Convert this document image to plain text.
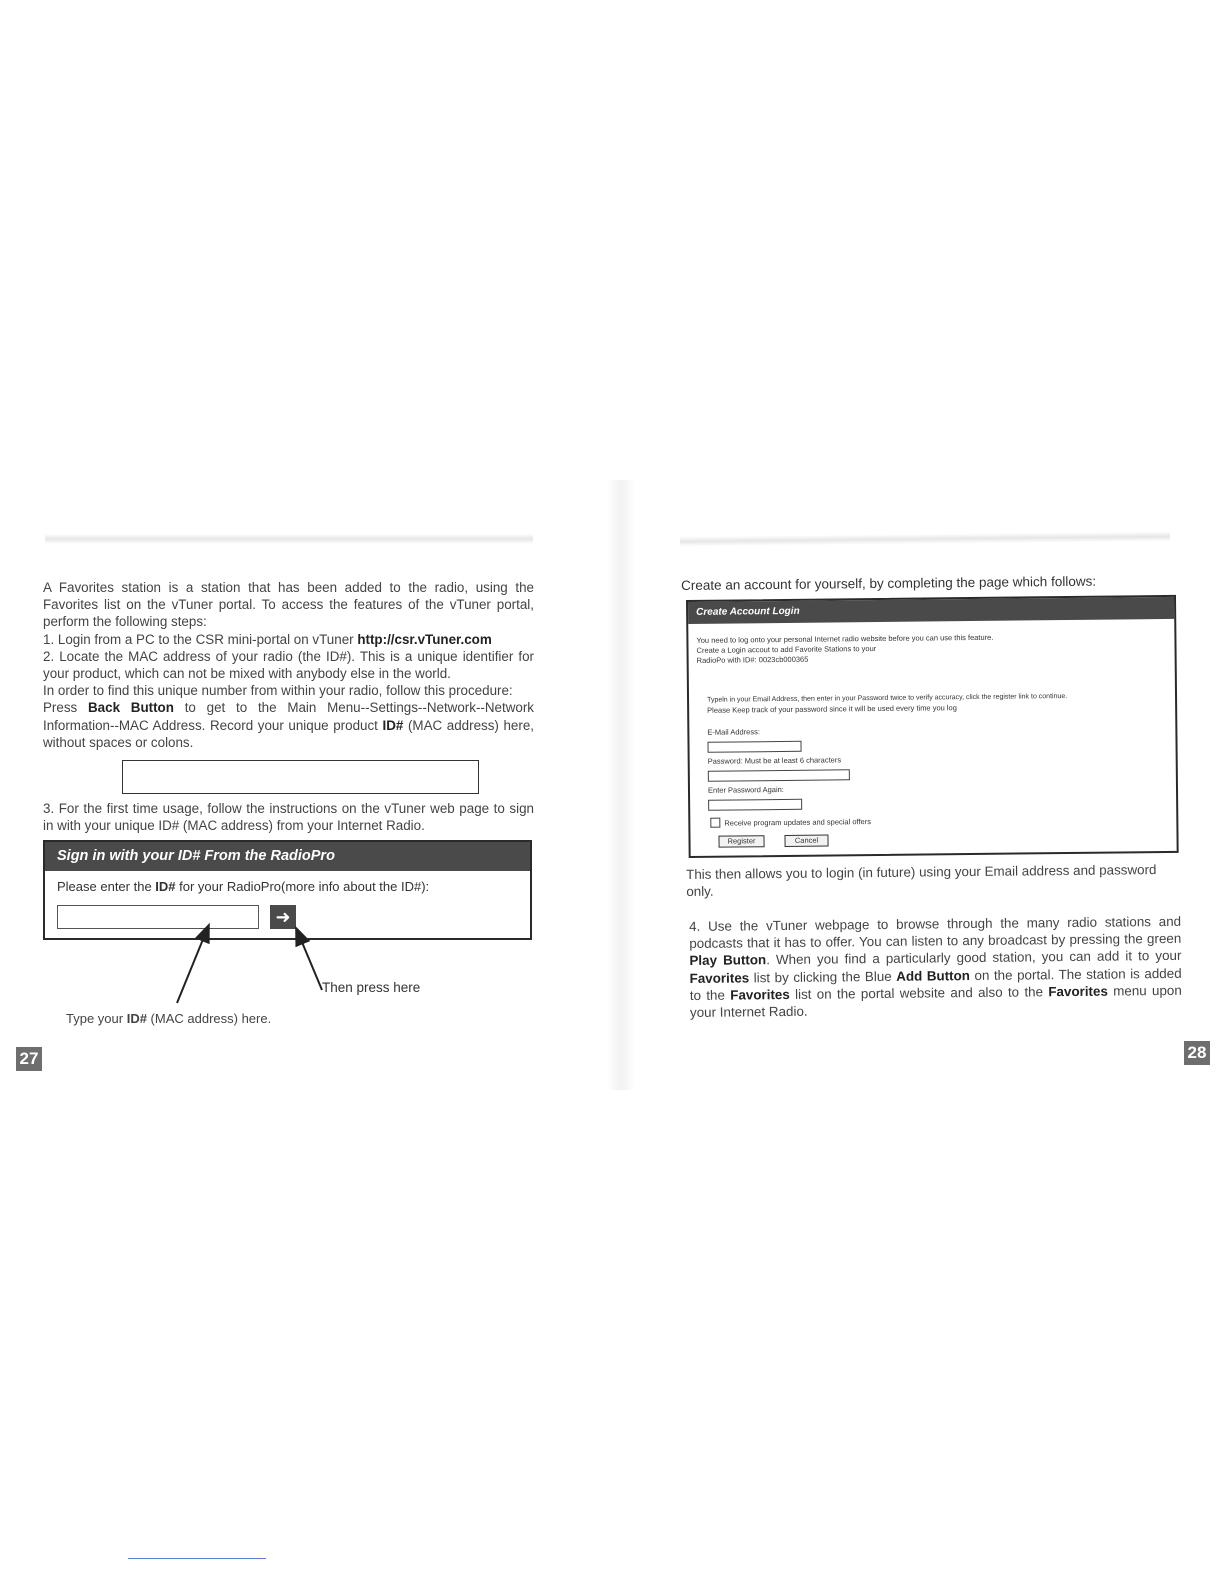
A Favorites station is a station that has been added to the radio, using the Favorites list on the vTuner portal. To access the features of the vTuner portal, perform the following steps:
1. Login from a PC to the CSR mini-portal on vTuner http://csr.vTuner.com
2. Locate the MAC address of your radio (the ID#). This is a unique identifier for your product, which can not be mixed with anybody else in the world.
In order to find this unique number from within your radio, follow this procedure:
Press Back Button to get to the Main Menu--Settings--Network--Network Information--MAC Address. Record your unique product ID# (MAC address) here, without spaces or colons.

3. For the first time usage, follow the instructions on the vTuner web page to sign in with your unique ID# (MAC address) from your Internet Radio.

Sign in with your ID# From the RadioPro
Please enter the ID# for your RadioPro(more info about the ID#):
➜
Then press here
Type your ID# (MAC address) here.
27
Create an account for yourself, by completing the page which follows:
Create Account Login
You need to log onto your personal Internet radio website before you can use this feature.
Create a Login accout to add Favorite Stations to your
RadioPo with ID#: 0023cb000365
Typeln in your Email Address, then enter in your Password twice to verify accuracy, click the register link to continue.
Please Keep track of your password since it will be used every time you log
E-Mail Address:
Password: Must be at least 6 characters
Enter Password Again:
Receive program updates and special offers
Register	Cancel

This then allows you to login (in future) using your Email address and password only.

4. Use the vTuner webpage to browse through the many radio stations and podcasts that it has to offer. You can listen to any broadcast by pressing the green Play Button. When you find a particularly good station, you can add it to your Favorites list by clicking the Blue Add Button on the portal. The station is added to the Favorites list on the portal website and also to the Favorites menu upon your Internet Radio.

28
